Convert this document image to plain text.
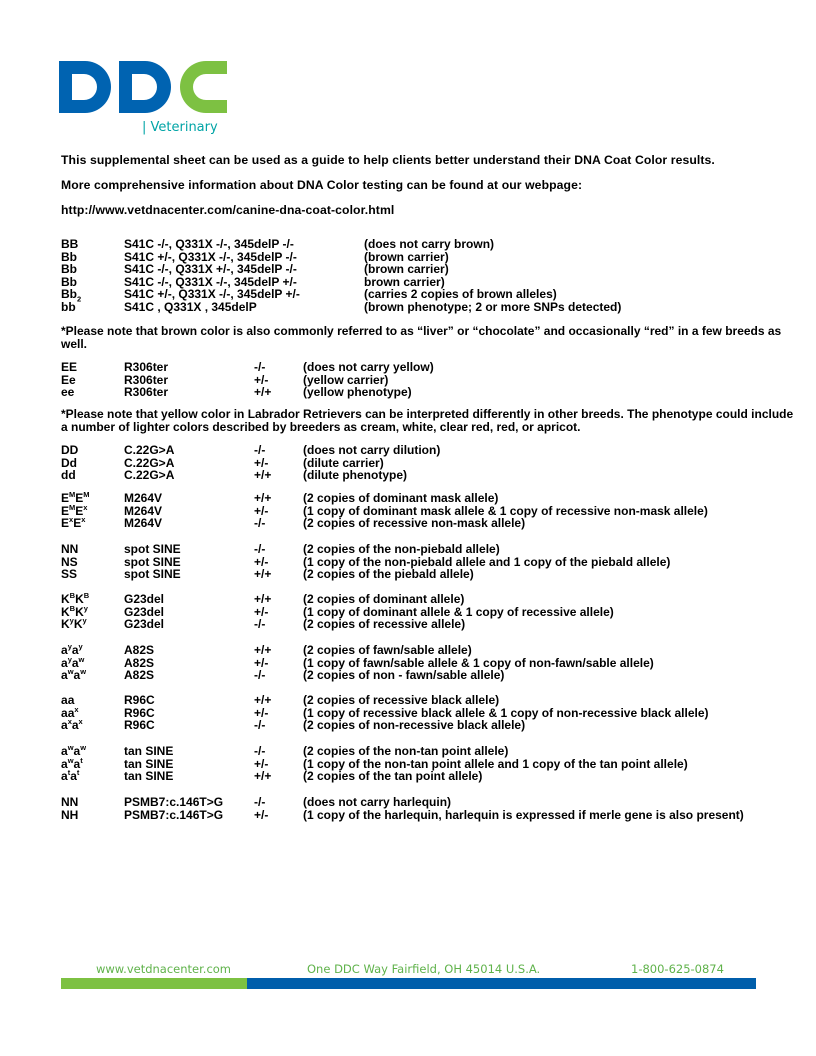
| Veterinary
This supplemental sheet can be used as a guide to help clients better understand their DNA Coat Color results.
More comprehensive information about DNA Color testing can be found at our webpage:
http://www.vetdnacenter.com/canine-dna-coat-color.html
BB	S41C -/-, Q331X -/-, 345delP -/-	(does not carry brown)
Bb	S41C +/-, Q331X -/-, 345delP -/-	(brown carrier)
Bb	S41C -/-, Q331X +/-, 345delP -/-	(brown carrier)
Bb	S41C -/-, Q331X -/-, 345delP +/-	brown carrier)
$Bb_2$	S41C +/-, Q331X -/-, 345delP +/-	(carries 2 copies of brown alleles)
bb	S41C , Q331X , 345delP	(brown phenotype; 2 or more SNPs detected)
*Please note that brown color is also commonly referred to as “liver” or “chocolate” and occasionally “red” in a few breeds as well.
EE	R306ter	-/-	(does not carry yellow)
Ee	R306ter	+/-	(yellow carrier)
ee	R306ter	+/+	(yellow phenotype)
*Please note that yellow color in Labrador Retrievers can be interpreted differently in other breeds. The phenotype could include a number of lighter colors described by breeders as cream, white, clear red, red, or apricot.
DD	C.22G>A	-/-	(does not carry dilution)
Dd	C.22G>A	+/-	(dilute carrier)
dd	C.22G>A	+/+	(dilute phenotype)
$E^ME^M$	M264V	+/+	(2 copies of dominant mask allele)
$E^ME^x$	M264V	+/-	(1 copy of dominant mask allele & 1 copy of recessive non-mask allele)
$E^xE^x$	M264V	-/-	(2 copies of recessive non-mask allele)
NN	spot SINE	-/-	(2 copies of the non-piebald allele)
NS	spot SINE	+/-	(1 copy of the non-piebald allele and 1 copy of the piebald allele)
SS	spot SINE	+/+	(2 copies of the piebald allele)
$K^BK^B$	G23del	+/+	(2 copies of dominant allele)
$K^BK^y$	G23del	+/-	(1 copy of dominant allele & 1 copy of recessive allele)
$K^yK^y$	G23del	-/-	(2 copies of recessive allele)
$a^ya^y$	A82S	+/+	(2 copies of fawn/sable allele)
$a^ya^w$	A82S	+/-	(1 copy of fawn/sable allele & 1 copy of non-fawn/sable allele)
$a^wa^w$	A82S	-/-	(2 copies of non - fawn/sable allele)
aa	R96C	+/+	(2 copies of recessive black allele)
$aa^x$	R96C	+/-	(1 copy of recessive black allele & 1 copy of non-recessive black allele)
$a^xa^x$	R96C	-/-	(2 copies of non-recessive black allele)
$a^wa^w$	tan SINE	-/-	(2 copies of the non-tan point allele)
$a^wa^t$	tan SINE	+/-	(1 copy of the non-tan point allele and 1 copy of the tan point allele)
$a^ta^t$	tan SINE	+/+	(2 copies of the tan point allele)
NN	PSMB7:c.146T>G	-/-	(does not carry harlequin)
NH	PSMB7:c.146T>G	+/-	(1 copy of the harlequin, harlequin is expressed if merle gene is also present)
www.vetdnacenter.com	One DDC Way Fairfield, OH 45014 U.S.A.	1-800-625-0874
